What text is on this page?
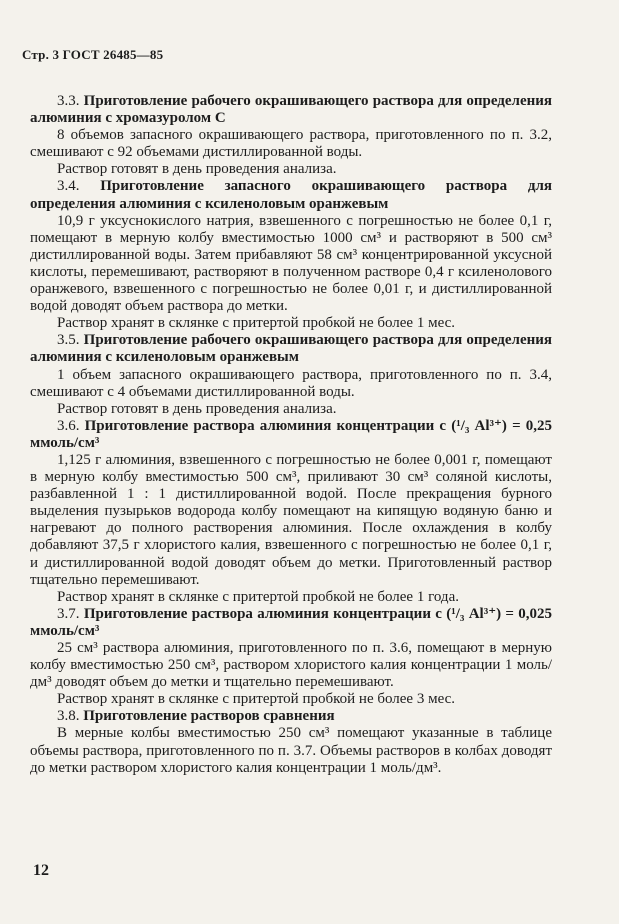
Стр. 3 ГОСТ 26485—85

3.3. Приготовление рабочего окрашивающего раствора для определения алюминия с хромазуролом С

8 объемов запасного окрашивающего раствора, приготовленного по п. 3.2, смешивают с 92 объемами дистиллированной воды.

Раствор готовят в день проведения анализа.

3.4. Приготовление запасного окрашивающего раствора для определения алюминия с ксиленоловым оранжевым

10,9 г уксуснокислого натрия, взвешенного с погрешностью не более 0,1 г, помещают в мерную колбу вместимостью 1000 см³ и растворяют в 500 см³ дистиллированной воды. Затем прибавляют 58 см³ концентрированной уксусной кислоты, перемешивают, растворяют в полученном растворе 0,4 г ксиленолового оранжевого, взвешенного с погрешностью не более 0,01 г, и дистиллированной водой доводят объем раствора до метки.

Раствор хранят в склянке с притертой пробкой не более 1 мес.

3.5. Приготовление рабочего окрашивающего раствора для определения алюминия с ксиленоловым оранжевым

1 объем запасного окрашивающего раствора, приготовленного по п. 3.4, смешивают с 4 объемами дистиллированной воды.

Раствор готовят в день проведения анализа.

3.6. Приготовление раствора алюминия концентрации с (¹/₃ Al³⁺) = 0,25 ммоль/см³

1,125 г алюминия, взвешенного с погрешностью не более 0,001 г, помещают в мерную колбу вместимостью 500 см³, приливают 30 см³ соляной кислоты, разбавленной 1 : 1 дистиллированной водой. После прекращения бурного выделения пузырьков водорода колбу помещают на кипящую водяную баню и нагревают до полного растворения алюминия. После охлаждения в колбу добавляют 37,5 г хлористого калия, взвешенного с погрешностью не более 0,1 г, и дистиллированной водой доводят объем до метки. Приготовленный раствор тщательно перемешивают.

Раствор хранят в склянке с притертой пробкой не более 1 года.

3.7. Приготовление раствора алюминия концентрации с (¹/₃ Al³⁺) = 0,025 ммоль/см³

25 см³ раствора алюминия, приготовленного по п. 3.6, помещают в мерную колбу вместимостью 250 см³, раствором хлористого калия концентрации 1 моль/дм³ доводят объем до метки и тщательно перемешивают.

Раствор хранят в склянке с притертой пробкой не более 3 мес.

3.8. Приготовление растворов сравнения

В мерные колбы вместимостью 250 см³ помещают указанные в таблице объемы раствора, приготовленного по п. 3.7. Объемы растворов в колбах доводят до метки раствором хлористого калия концентрации 1 моль/дм³.

12
